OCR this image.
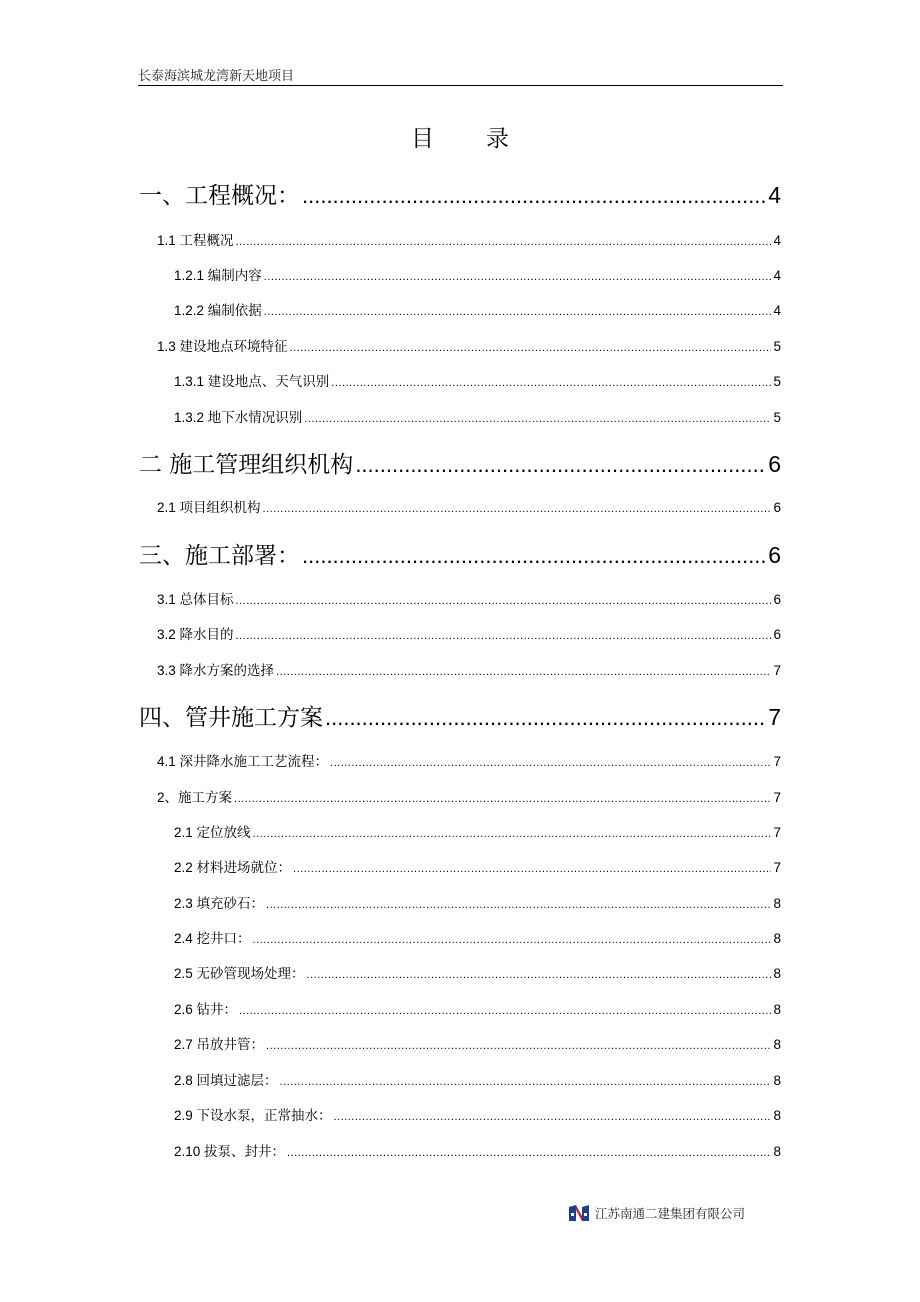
长泰海滨城龙湾新天地项目
目 录
一、工程概况： .....	4
1.1 工程概况 .....	4
1.2.1 编制内容 .....	4
1.2.2 编制依据 .....	4
1.3 建设地点环境特征 .....	5
1.3.1 建设地点、天气识别 .....	5
1.3.2 地下水情况识别 .....	5
二 施工管理组织机构 .....	6
2.1 项目组织机构 .....	6
三、施工部署： .....	6
3.1 总体目标 .....	6
3.2 降水目的 .....	6
3.3 降水方案的选择 .....	7
四、管井施工方案 .....	7
4.1 深井降水施工工艺流程： .....	7
2、施工方案 .....	7
2.1 定位放线 .....	7
2.2 材料进场就位： .....	7
2.3 填充砂石： .....	8
2.4 挖井口： .....	8
2.5 无砂管现场处理： .....	8
2.6 钻井： .....	8
2.7 吊放井管： .....	8
2.8 回填过滤层： .....	8
2.9 下设水泵，正常抽水： .....	8
2.10 拔泵、封井： .....	8
江苏南通二建集团有限公司
